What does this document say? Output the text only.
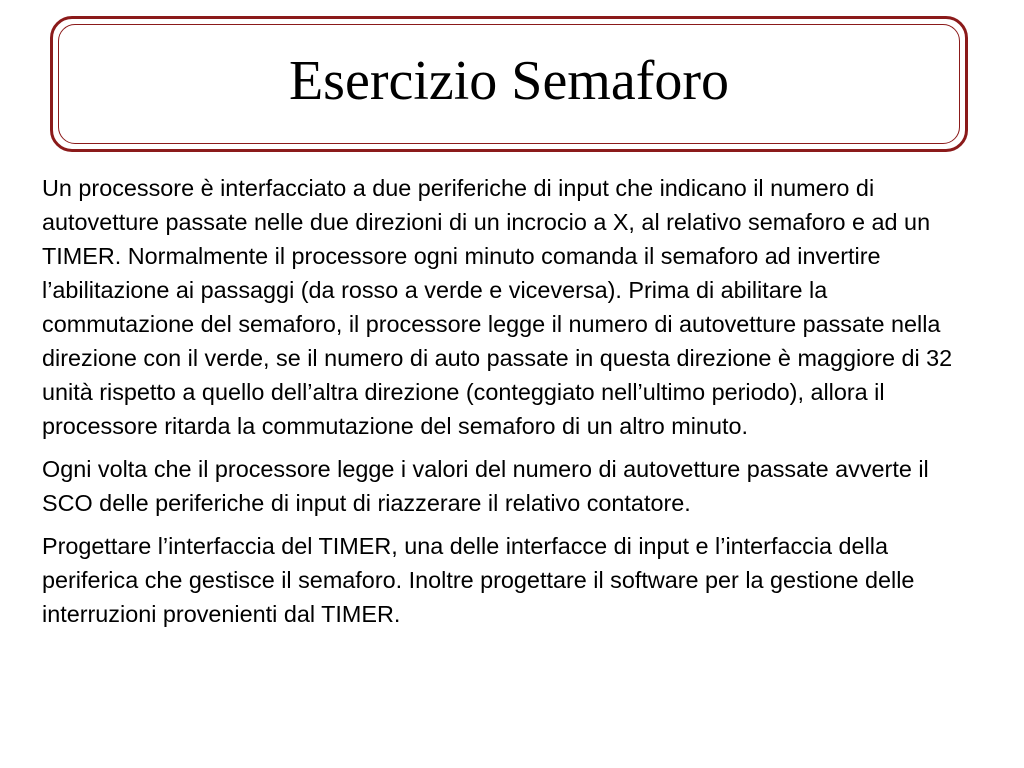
Esercizio Semaforo

Un processore è interfacciato a due periferiche di input che indicano il numero di autovetture passate nelle due direzioni di un incrocio a X, al relativo semaforo e ad un TIMER. Normalmente il processore ogni minuto comanda il semaforo ad invertire l’abilitazione ai passaggi (da rosso a verde e viceversa). Prima di abilitare la commutazione del semaforo, il processore legge il numero di autovetture passate nella direzione con il verde, se il numero di auto passate in questa direzione è maggiore di 32 unità rispetto a quello dell’altra direzione (conteggiato nell’ultimo periodo), allora il processore ritarda la commutazione del semaforo di un altro minuto.

Ogni volta che il processore legge i valori del numero di autovetture passate avverte il SCO delle periferiche di input di riazzerare il relativo contatore.

Progettare l’interfaccia del TIMER, una delle interfacce di input e l’interfaccia della periferica che gestisce il semaforo. Inoltre progettare il software per la gestione delle interruzioni provenienti dal TIMER.
